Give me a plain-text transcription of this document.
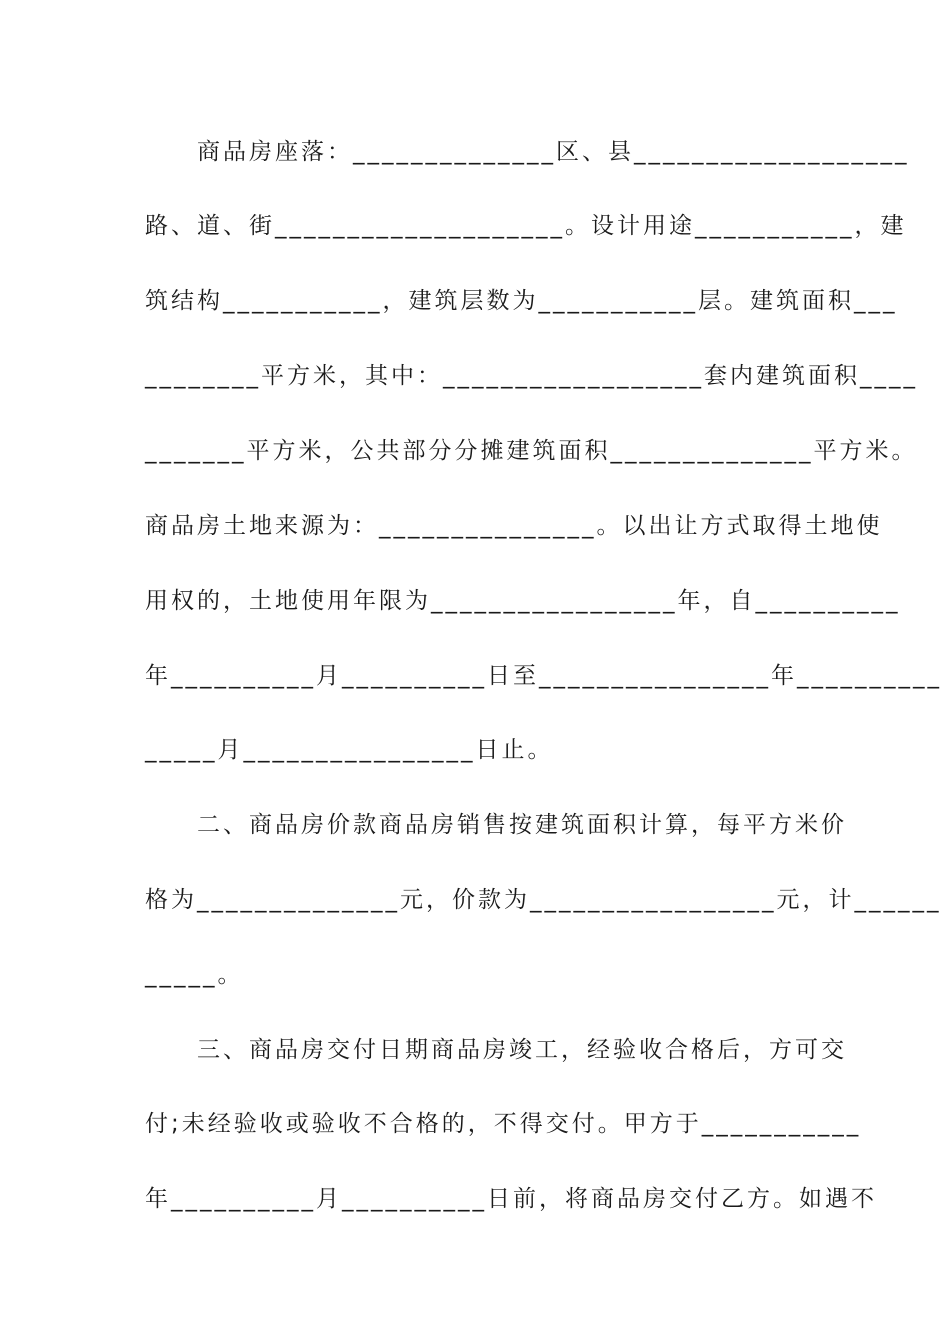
商品房座落：______________区、县___________________
路、道、街____________________。设计用途___________，建
筑结构___________，建筑层数为___________层。建筑面积___
________平方米，其中：__________________套内建筑面积____
_______平方米，公共部分分摊建筑面积______________平方米。
商品房土地来源为：_______________。以出让方式取得土地使
用权的，土地使用年限为_________________年，自__________
年__________月__________日至________________年__________
_____月________________日止。
二、商品房价款商品房销售按建筑面积计算，每平方米价
格为______________元，价款为_________________元，计______
_____。
三、商品房交付日期商品房竣工，经验收合格后，方可交
付;未经验收或验收不合格的，不得交付。甲方于___________
年__________月__________日前，将商品房交付乙方。如遇不
